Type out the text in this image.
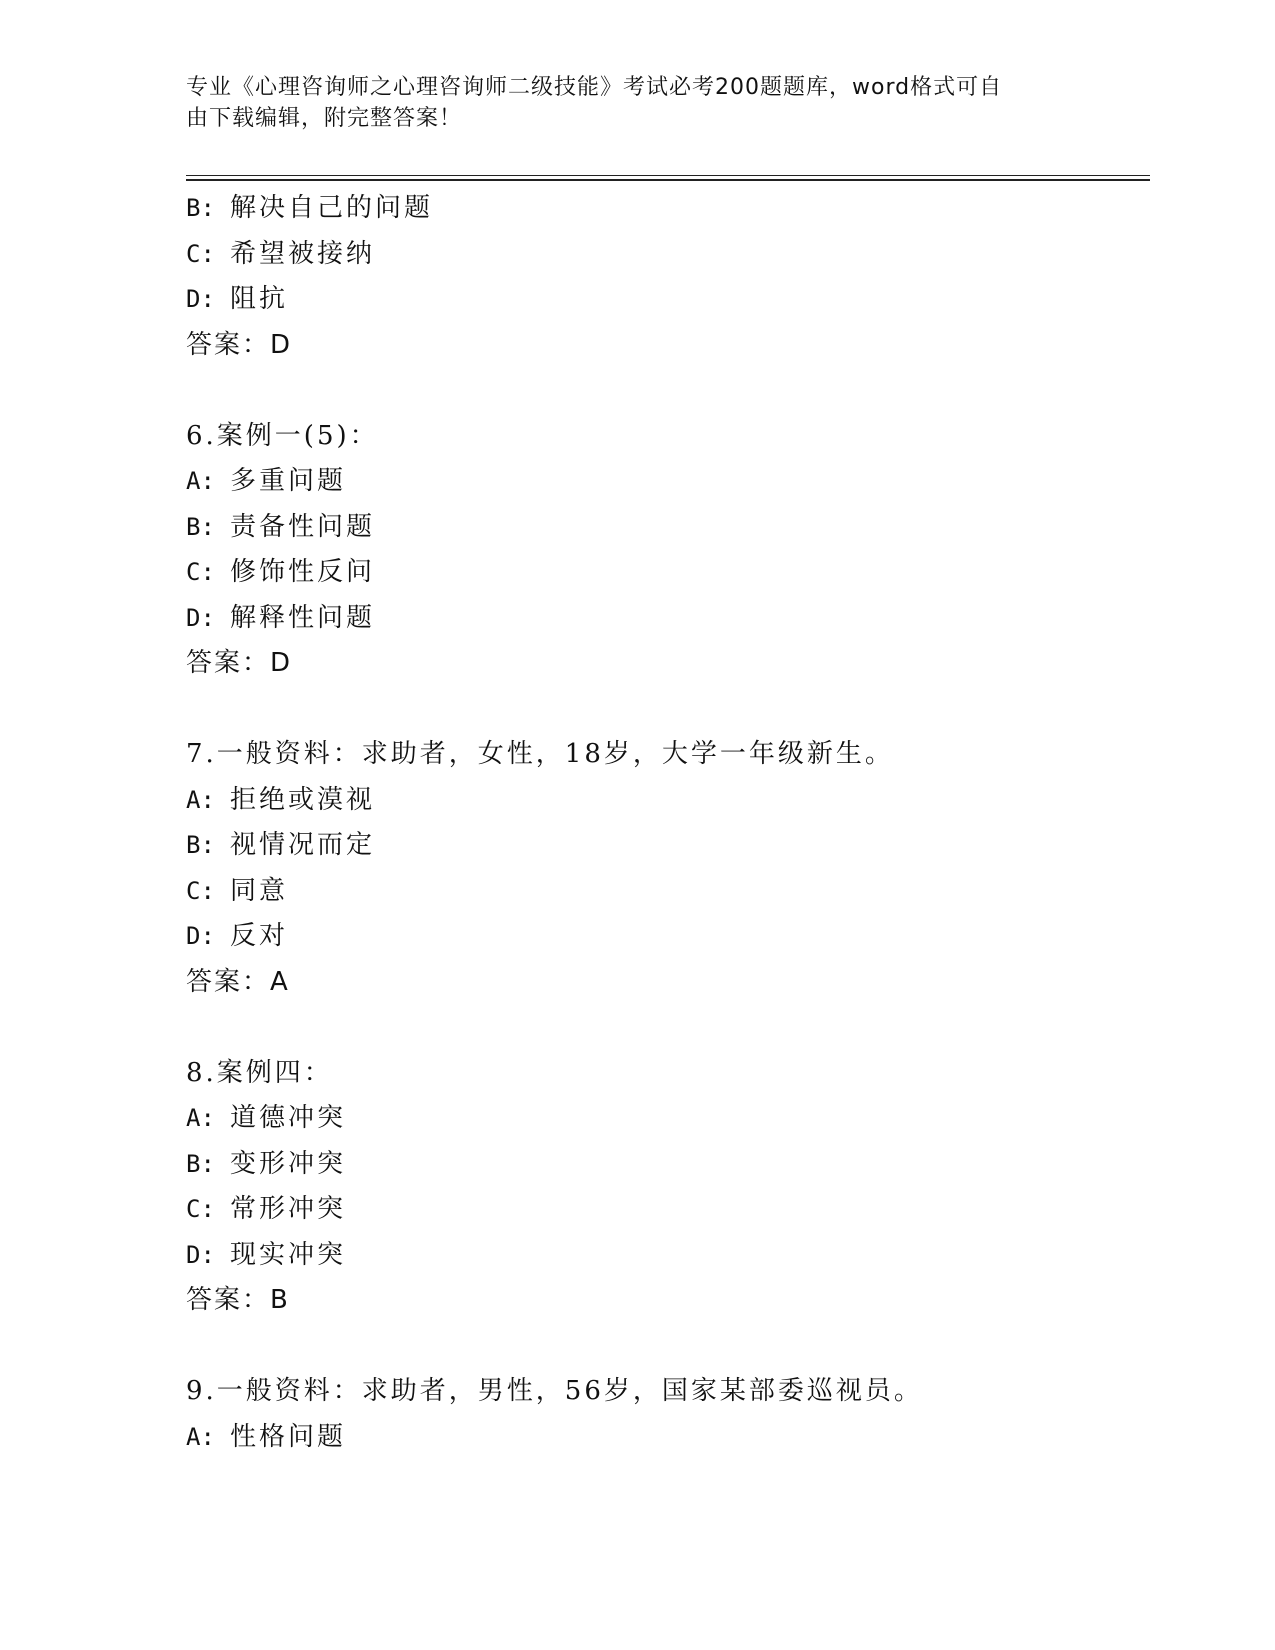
专业《心理咨询师之心理咨询师二级技能》考试必考200题题库，word格式可自
由下载编辑，附完整答案！
B: 解决自己的问题
C: 希望被接纳
D: 阻抗
答案：D
6.案例一(5)：
A: 多重问题
B: 责备性问题
C: 修饰性反问
D: 解释性问题
答案：D
7.一般资料：求助者，女性，18岁，大学一年级新生。
A: 拒绝或漠视
B: 视情况而定
C: 同意
D: 反对
答案：A
8.案例四：
A: 道德冲突
B: 变形冲突
C: 常形冲突
D: 现实冲突
答案：B
9.一般资料：求助者，男性，56岁，国家某部委巡视员。
A: 性格问题
